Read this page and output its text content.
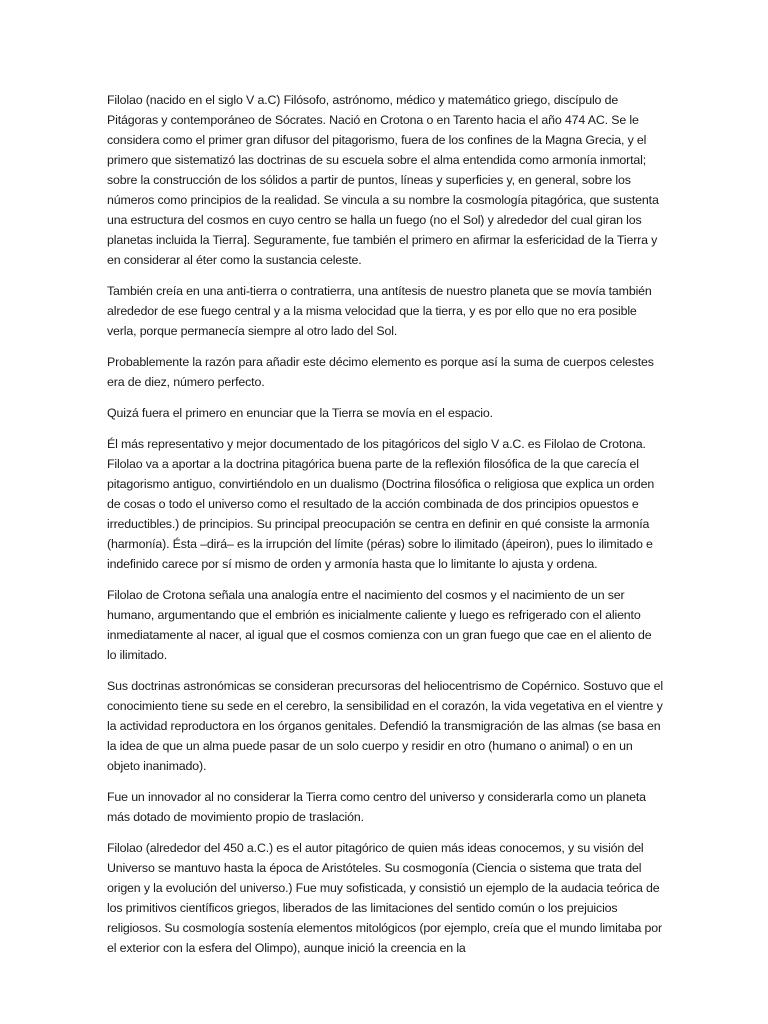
Filolao (nacido en el siglo V a.C) Filósofo, astrónomo, médico y matemático griego, discípulo de Pitágoras y contemporáneo de Sócrates. Nació en Crotona o en Tarento hacia el año 474 AC. Se le considera como el primer gran difusor del pitagorismo, fuera de los confines de la Magna Grecia, y el primero que sistematizó las doctrinas de su escuela sobre el alma entendida como armonía inmortal; sobre la construcción de los sólidos a partir de puntos, líneas y superficies y, en general, sobre los números como principios de la realidad. Se vincula a su nombre la cosmología pitagórica, que sustenta una estructura del cosmos en cuyo centro se halla un fuego (no el Sol) y alrededor del cual giran los planetas incluida la Tierra]. Seguramente, fue también el primero en afirmar la esfericidad de la Tierra y en considerar al éter como la sustancia celeste.

También creía en una anti-tierra o contratierra, una antítesis de nuestro planeta que se movía también alrededor de ese fuego central y a la misma velocidad que la tierra, y es por ello que no era posible verla, porque permanecía siempre al otro lado del Sol.

Probablemente la razón para añadir este décimo elemento es porque así la suma de cuerpos celestes era de diez, número perfecto.

Quizá fuera el primero en enunciar que la Tierra se movía en el espacio.

Él más representativo y mejor documentado de los pitagóricos del siglo V a.C. es Filolao de Crotona. Filolao va a aportar a la doctrina pitagórica buena parte de la reflexión filosófica de la que carecía el pitagorismo antiguo, convirtiéndolo en un dualismo (Doctrina filosófica o religiosa que explica un orden de cosas o todo el universo como el resultado de la acción combinada de dos principios opuestos e irreductibles.) de principios. Su principal preocupación se centra en definir en qué consiste la armonía (harmonía). Ésta –dirá– es la irrupción del límite (péras) sobre lo ilimitado (ápeiron), pues lo ilimitado e indefinido carece por sí mismo de orden y armonía hasta que lo limitante lo ajusta y ordena.

Filolao de Crotona señala una analogía entre el nacimiento del cosmos y el nacimiento de un ser humano, argumentando que el embrión es inicialmente caliente y luego es refrigerado con el aliento inmediatamente al nacer, al igual que el cosmos comienza con un gran fuego que cae en el aliento de lo ilimitado.

Sus doctrinas astronómicas se consideran precursoras del heliocentrismo de Copérnico. Sostuvo que el conocimiento tiene su sede en el cerebro, la sensibilidad en el corazón, la vida vegetativa en el vientre y la actividad reproductora en los órganos genitales. Defendió la transmigración de las almas (se basa en la idea de que un alma puede pasar de un solo cuerpo y residir en otro (humano o animal) o en un objeto inanimado).

Fue un innovador al no considerar la Tierra como centro del universo y considerarla como un planeta más dotado de movimiento propio de traslación.

Filolao (alrededor del 450 a.C.) es el autor pitagórico de quien más ideas conocemos, y su visión del Universo se mantuvo hasta la época de Aristóteles. Su cosmogonía (Ciencia o sistema que trata del origen y la evolución del universo.) Fue muy sofisticada, y consistió un ejemplo de la audacia teórica de los primitivos científicos griegos, liberados de las limitaciones del sentido común o los prejuicios religiosos. Su cosmología sostenía elementos mitológicos (por ejemplo, creía que el mundo limitaba por el exterior con la esfera del Olimpo), aunque inició la creencia en la
